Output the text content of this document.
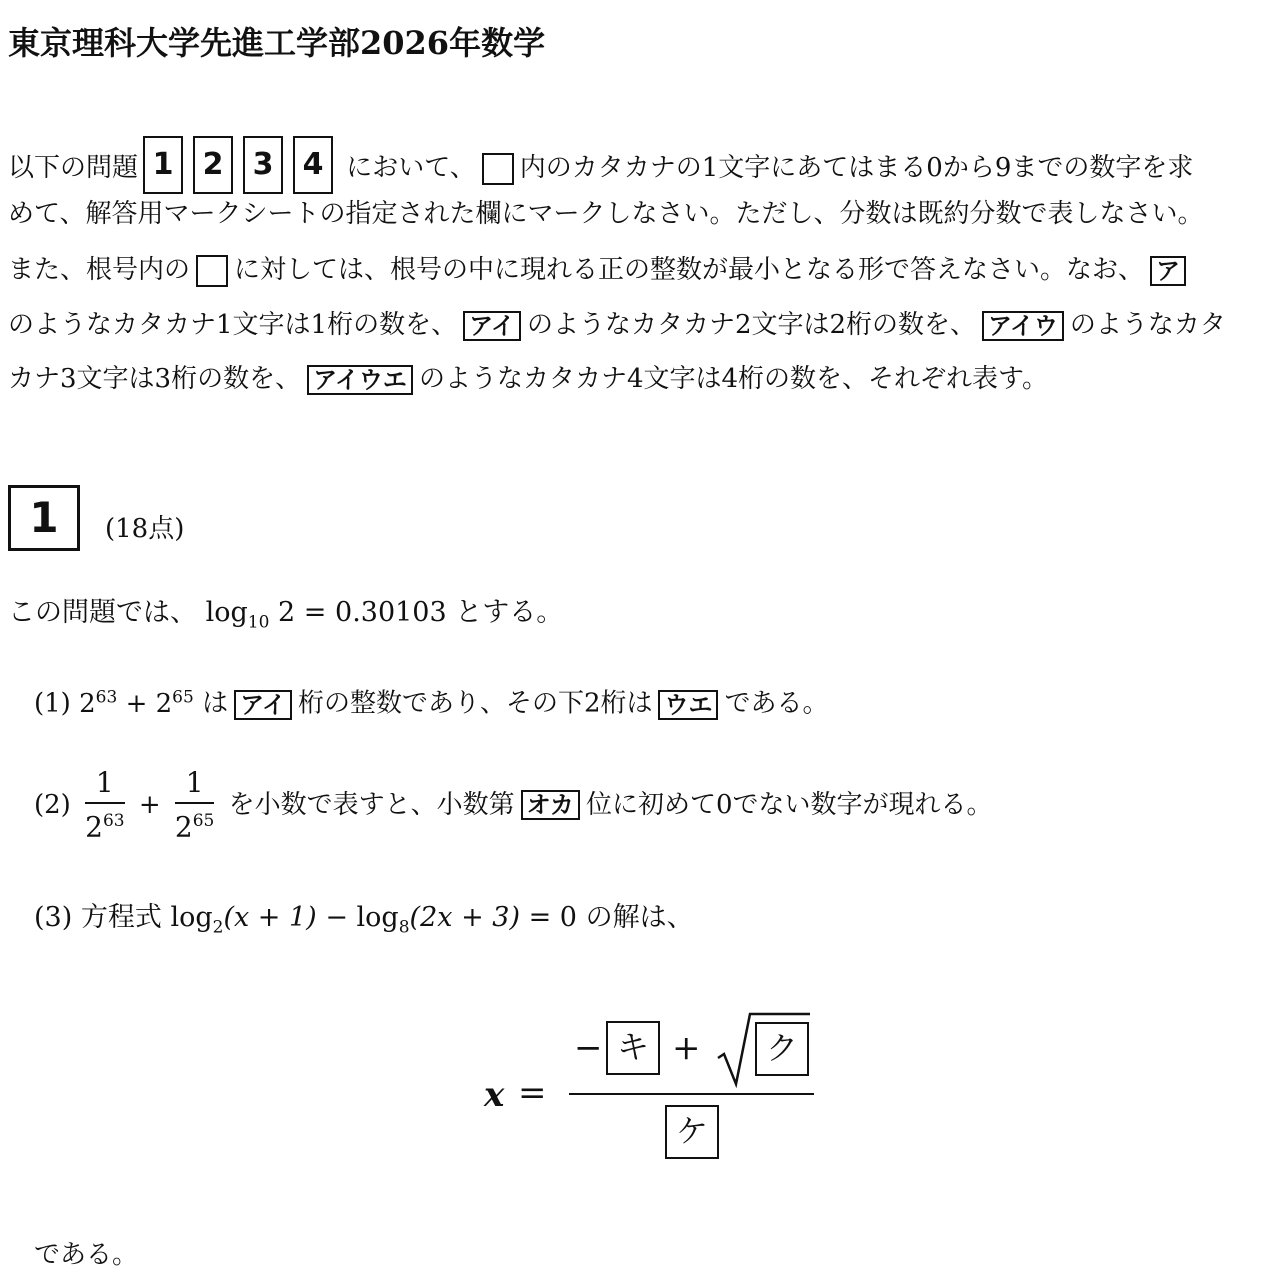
東京理科大学先進工学部2026年数学
以下の問題 1 2 3 4 において、 内のカタカナの1文字にあてはまる0から9までの数字を求
めて、解答用マークシートの指定された欄にマークしなさい。ただし、分数は既約分数で表しなさい。
また、根号内の に対しては、根号の中に現れる正の整数が最小となる形で答えなさい。なお、 ア
のようなカタカナ1文字は1桁の数を、 アイ のようなカタカナ2文字は2桁の数を、 アイウ のようなカタ
カナ3文字は3桁の数を、 アイウエ のようなカタカナ4文字は4桁の数を、それぞれ表す。
1	(18点)
この問題では、 $\log_{10} 2 = 0.30103$ とする。
(1) $2^{63} + 2^{65}$ は アイ 桁の整数であり、その下2桁は ウエ である。
$(2) \frac{1}{2^{63}} + \frac{1}{2^{65}}$ を小数で表すと、小数第 オカ 位に初めて0でない数字が現れる。
(3) 方程式 $\log_2(x + 1) - \log_8(2x + 3) = 0$ の解は、
x =
− キ +	ク
ケ
である。
